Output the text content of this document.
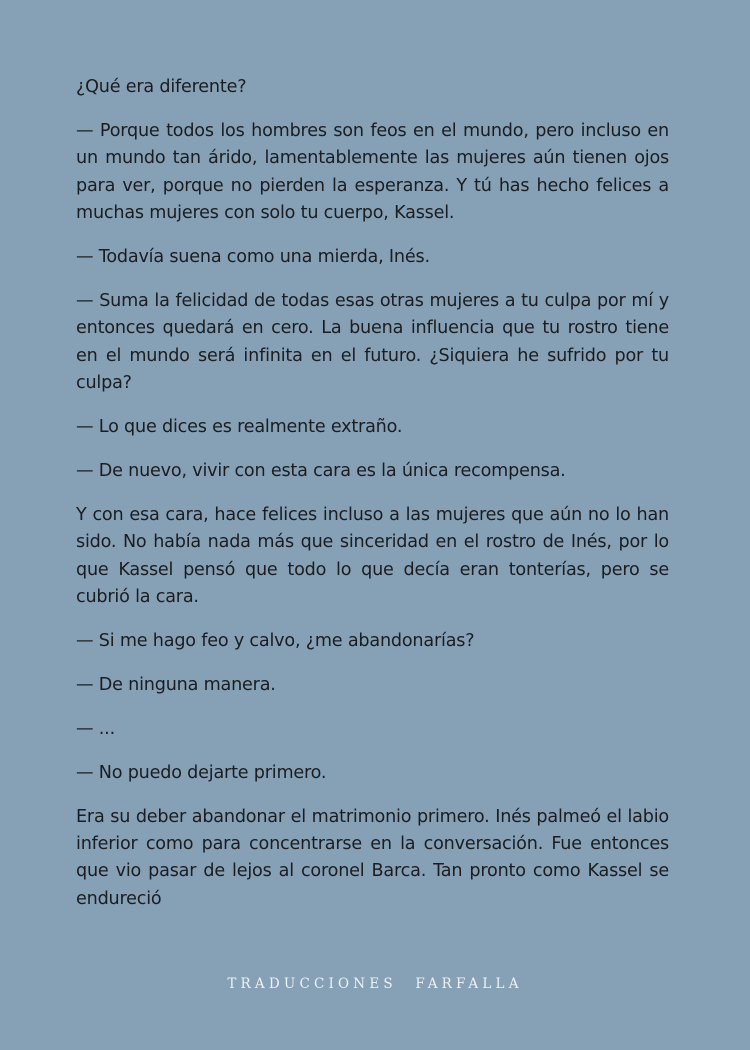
¿Qué era diferente?

— Porque todos los hombres son feos en el mundo, pero incluso en un mundo tan árido, lamentablemente las mujeres aún tienen ojos para ver, porque no pierden la esperanza. Y tú has hecho felices a muchas mujeres con solo tu cuerpo, Kassel.

— Todavía suena como una mierda, Inés.

— Suma la felicidad de todas esas otras mujeres a tu culpa por mí y entonces quedará en cero. La buena influencia que tu rostro tiene en el mundo será infinita en el futuro. ¿Siquiera he sufrido por tu culpa?

— Lo que dices es realmente extraño.

— De nuevo, vivir con esta cara es la única recompensa.

Y con esa cara, hace felices incluso a las mujeres que aún no lo han sido. No había nada más que sinceridad en el rostro de Inés, por lo que Kassel pensó que todo lo que decía eran tonterías, pero se cubrió la cara.

— Si me hago feo y calvo, ¿me abandonarías?

— De ninguna manera.

— ...

— No puedo dejarte primero.

Era su deber abandonar el matrimonio primero. Inés palmeó el labio inferior como para concentrarse en la conversación. Fue entonces que vio pasar de lejos al coronel Barca. Tan pronto como Kassel se endureció

TRADUCCIONES FARFALLA
